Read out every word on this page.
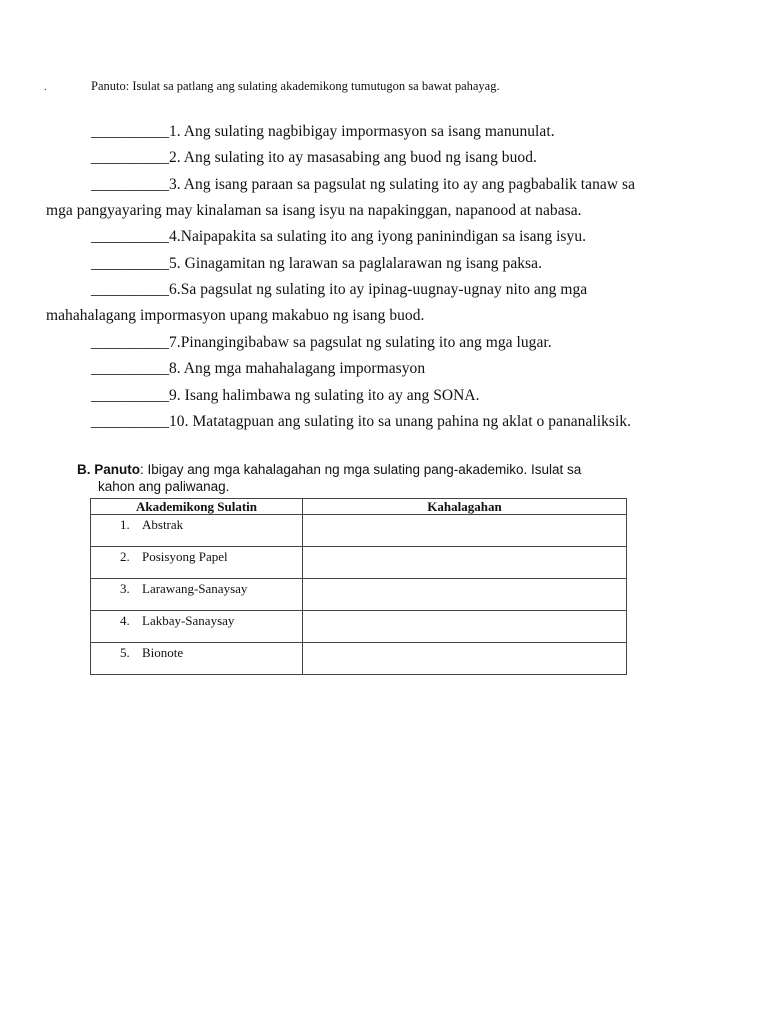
.	Panuto: Isulat sa patlang ang sulating akademikong tumutugon sa bawat pahayag.
__________1. Ang sulating nagbibigay impormasyon sa isang manunulat.
__________2. Ang sulating ito ay masasabing ang buod ng isang buod.
__________3. Ang isang paraan sa pagsulat ng sulating ito ay ang pagbabalik tanaw sa
mga pangyayaring may kinalaman sa isang isyu na napakinggan, napanood at nabasa.
__________4.Naipapakita sa sulating ito ang iyong paninindigan sa isang isyu.
__________5. Ginagamitan ng larawan sa paglalarawan ng isang paksa.
__________6.Sa pagsulat ng sulating ito ay ipinag-uugnay-ugnay nito ang mga
mahahalagang impormasyon upang makabuo ng isang buod.
__________7.Pinangingibabaw sa pagsulat ng sulating ito ang mga lugar.
__________8. Ang mga mahahalagang impormasyon
__________9. Isang halimbawa ng sulating ito ay ang SONA.
__________10. Matatagpuan ang sulating ito sa unang pahina ng aklat o pananaliksik.
B. Panuto: Ibigay ang mga kahalagahan ng mga sulating pang-akademiko. Isulat sa
kahon ang paliwanag.
Akademikong Sulatin	Kahalagahan
1. Abstrak	
2. Posisyong Papel	
3. Larawang-Sanaysay	
4. Lakbay-Sanaysay	
5. Bionote	
